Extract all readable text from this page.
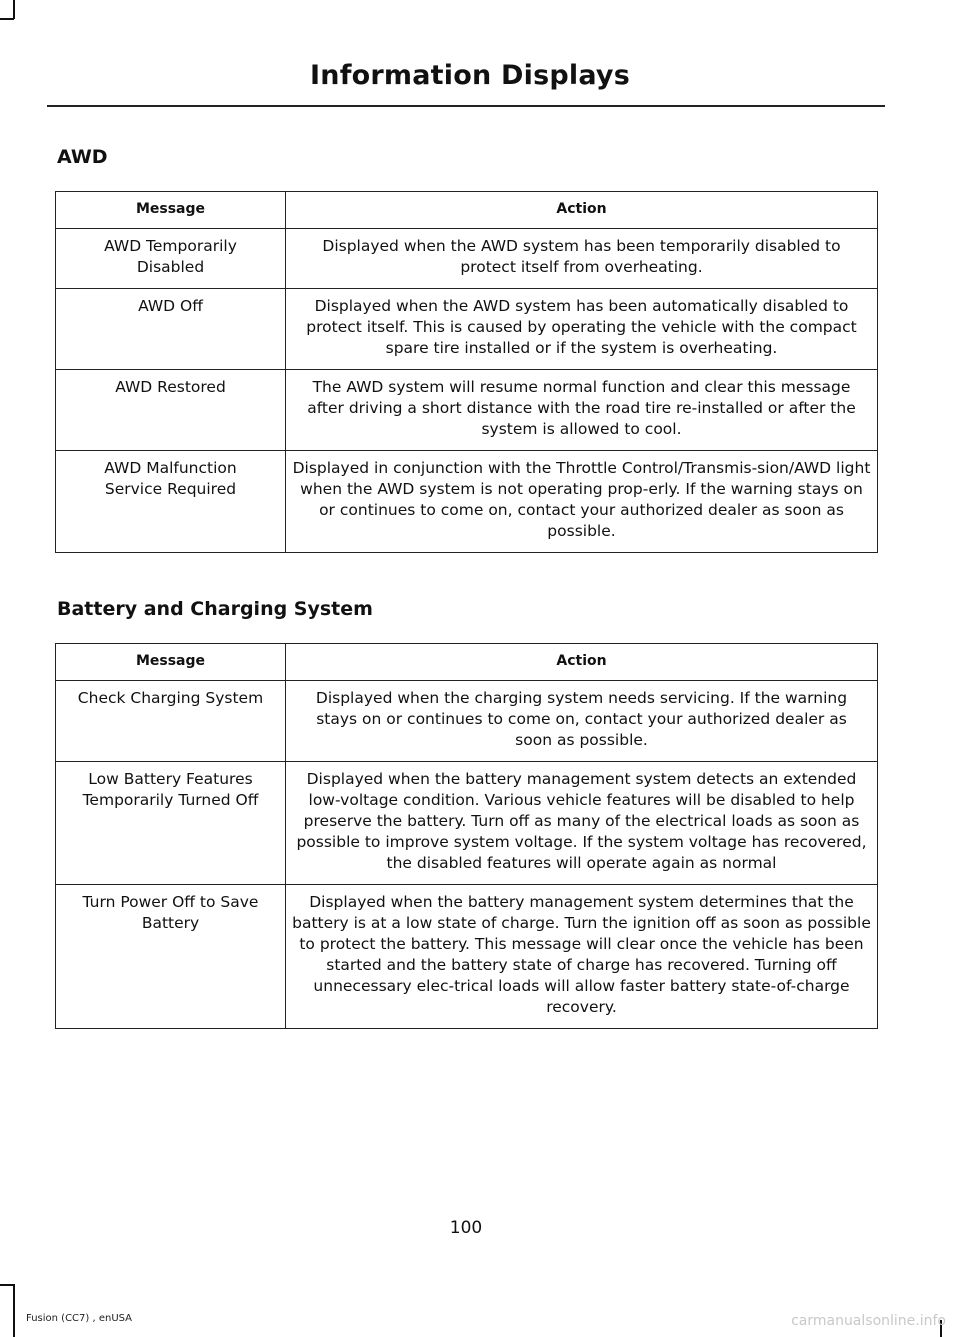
Information Displays
AWD
Message	Action
AWD Temporarily Disabled	Displayed when the AWD system has been temporarily disabled to protect itself from overheating.
AWD Off	Displayed when the AWD system has been automatically disabled to protect itself. This is caused by operating the vehicle with the compact spare tire installed or if the system is overheating.
AWD Restored	The AWD system will resume normal function and clear this message after driving a short distance with the road tire re-installed or after the system is allowed to cool.
AWD Malfunction Service Required	Displayed in conjunction with the Throttle Control/Transmis-sion/AWD light when the AWD system is not operating prop-erly. If the warning stays on or continues to come on, contact your authorized dealer as soon as possible.
Battery and Charging System
Message	Action
Check Charging System	Displayed when the charging system needs servicing. If the warning stays on or continues to come on, contact your authorized dealer as soon as possible.
Low Battery Features Temporarily Turned Off	Displayed when the battery management system detects an extended low-voltage condition. Various vehicle features will be disabled to help preserve the battery. Turn off as many of the electrical loads as soon as possible to improve system voltage. If the system voltage has recovered, the disabled features will operate again as normal
Turn Power Off to Save Battery	Displayed when the battery management system determines that the battery is at a low state of charge. Turn the ignition off as soon as possible to protect the battery. This message will clear once the vehicle has been started and the battery state of charge has recovered. Turning off unnecessary elec-trical loads will allow faster battery state-of-charge recovery.
100
Fusion (CC7) , enUSA	carmanualsonline.info
